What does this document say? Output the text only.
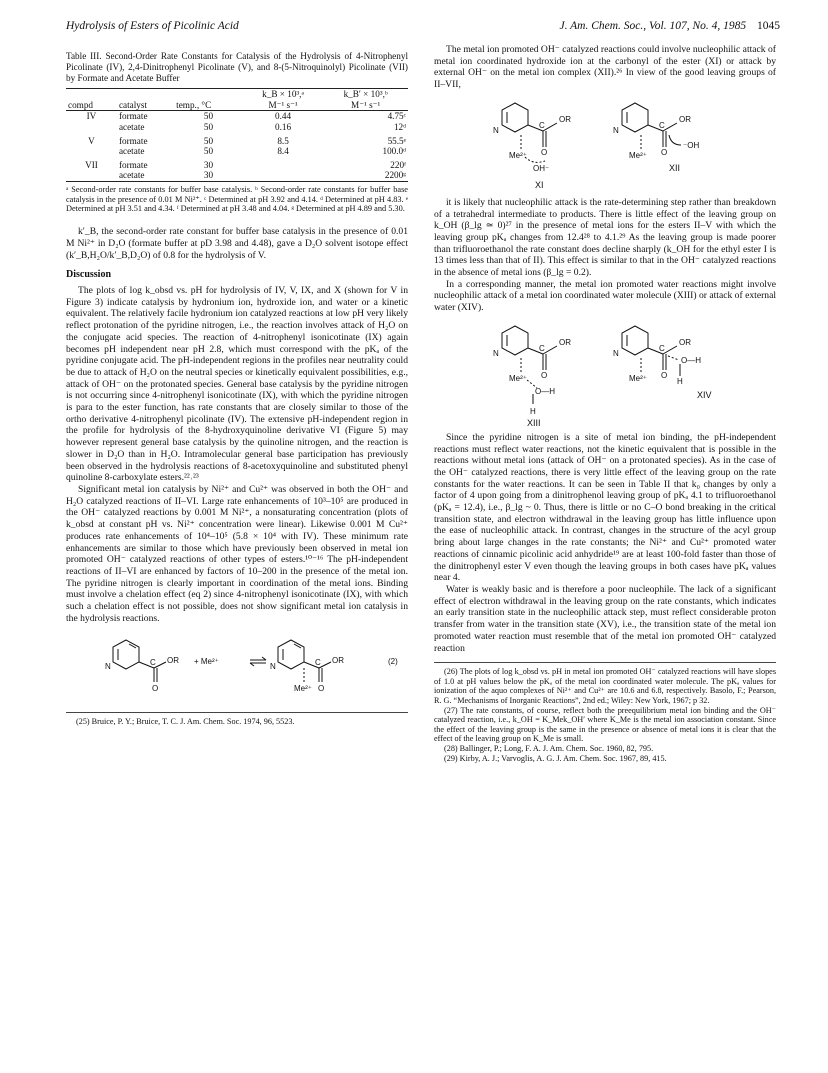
Hydrolysis of Esters of Picolinic Acid	J. Am. Chem. Soc., Vol. 107, No. 4, 1985 1045

Table III. Second-Order Rate Constants for Catalysis of the Hydrolysis of 4-Nitrophenyl Picolinate (IV), 2,4-Dinitrophenyl Picolinate (V), and 8-(5-Nitroquinolyl) Picolinate (VII) by Formate and Acetate Buffer

			k_B × 10³,ᵃ	k_B′ × 10³,ᵇ
compd	catalyst	temp., °C	M⁻¹ s⁻¹	M⁻¹ s⁻¹
IV	formate	50	0.44	4.75ᶜ
	acetate	50	0.16	12ᵈ
V	formate	50	8.5	55.5ᵉ
	acetate	50	8.4	100.0ᵈ
VII	formate	30		220ᶠ
	acetate	30		2200ᵍ
ᵃ Second-order rate constants for buffer base catalysis. ᵇ Second-order rate constants for buffer base catalysis in the presence of 0.01 M Ni²⁺. ᶜ Determined at pH 3.92 and 4.14. ᵈ Determined at pH 4.83. ᵉ Determined at pH 3.51 and 4.34. ᶠ Determined at pH 3.48 and 4.04. ᵍ Determined at pH 4.89 and 5.30.

k′_B, the second-order rate constant for buffer base catalysis in the presence of 0.01 M Ni²⁺ in D₂O (formate buffer at pD 3.98 and 4.48), gave a D₂O solvent isotope effect (k′_B,H₂O/k′_B,D₂O) of 0.8 for the hydrolysis of V.

Discussion

The plots of log k_obsd vs. pH for hydrolysis of IV, V, IX, and X (shown for V in Figure 3) indicate catalysis by hydronium ion, hydroxide ion, and water or a kinetic equivalent. The relatively facile hydronium ion catalyzed reactions at low pH very likely reflect protonation of the pyridine nitrogen, i.e., the reaction involves attack of H₂O on the conjugate acid species. The reaction of 4-nitrophenyl isonicotinate (IX) again becomes pH independent near pH 2.8, which must correspond with the pKₐ of the pyridine conjugate acid. The pH-independent regions in the profiles near neutrality could be due to attack of H₂O on the neutral species or kinetically equivalent possibilities, e.g., attack of OH⁻ on the protonated species. General base catalysis by the pyridine nitrogen is not occurring since 4-nitrophenyl isonicotinate (IX), with which the pyridine nitrogen is para to the ester function, has rate constants that are closely similar to those of the ortho derivative 4-nitrophenyl picolinate (IV). The extensive pH-independent region in the profile for hydrolysis of the 8-hydroxyquinoline derivative VI (Figure 5) may however represent general base catalysis by the quinoline nitrogen, and the reaction is slower in D₂O than in H₂O. Intramolecular general base participation has previously been observed in the hydrolysis reactions of 8-acetoxyquinoline and substituted phenyl quinoline 8-carboxylate esters.²²˒²³

Significant metal ion catalysis by Ni²⁺ and Cu²⁺ was observed in both the OH⁻ and H₂O catalyzed reactions of II–VI. Large rate enhancements of 10³–10⁵ are produced in the OH⁻ catalyzed reactions by 0.001 M Ni²⁺, a nonsaturating concentration (plots of k_obsd at constant pH vs. Ni²⁺ concentration were linear). Likewise 0.001 M Cu²⁺ produces rate enhancements of 10⁴–10⁵ (5.8 × 10⁴ with IV). These minimum rate enhancements are similar to those which have previously been observed in metal ion promoted OH⁻ catalyzed reactions of other types of esters.¹⁰⁻¹⁶ The pH-independent reactions of II–VI are enhanced by factors of 10–200 in the presence of the metal ion. The pyridine nitrogen is clearly important in coordination of the metal ions. Binding must involve a chelation effect (eq 2) since 4-nitrophenyl isonicotinate (IX), with which such a chelation effect is not possible, does not show significant metal ion catalysis in the hydrolysis reactions.

N	C OR
O
+ Me²⁺
N	C OR
Me²⁺ O
(2)
(25) Bruice, P. Y.; Bruice, T. C. J. Am. Chem. Soc. 1974, 96, 5523.

The metal ion promoted OH⁻ catalyzed reactions could involve nucleophilic attack of metal ion coordinated hydroxide ion at the carbonyl of the ester (XI) or attack by external OH⁻ on the metal ion complex (XII).²⁶ In view of the good leaving groups of II–VII,

N
C
OR
Me²⁺ O
OH⁻
XI
N
C
OR
Me²⁺ O
⁻OH
XII

it is likely that nucleophilic attack is the rate-determining step rather than breakdown of a tetrahedral intermediate to products. There is little effect of the leaving group on k_OH (β_lg ≃ 0)²⁷ in the presence of metal ions for the esters II–V with which the leaving group pKₐ changes from 12.4²⁸ to 4.1.²⁹ As the leaving group is made poorer than trifluoroethanol the rate constant does decline sharply (k_OH for the ethyl ester I is 13 times less than that of II). This effect is similar to that in the OH⁻ catalyzed reactions in the absence of metal ions (β_lg = 0.2).

In a corresponding manner, the metal ion promoted water reactions might involve nucleophilic attack of a metal ion coordinated water molecule (XIII) or attack of external water (XIV).

N
C
OR
Me²⁺ O
O—H
H
XIII
N
C
OR
O—H
Me²⁺ O
H
XIV

Since the pyridine nitrogen is a site of metal ion binding, the pH-independent reactions must reflect water reactions, not the kinetic equivalent that is possible in the reactions without metal ions (attack of OH⁻ on a protonated species). As in the case of the OH⁻ catalyzed reactions, there is very little effect of the leaving group on the rate constants for the water reactions. It can be seen in Table II that k₀ changes by only a factor of 4 upon going from a dinitrophenol leaving group of pKₐ 4.1 to trifluoroethanol (pKₐ = 12.4), i.e., β_lg ~ 0. Thus, there is little or no C–O bond breaking in the critical transition state, and electron withdrawal in the leaving group has little influence upon the ease of nucleophilic attack. In contrast, changes in the structure of the acyl group bring about large changes in the rate constants; the Ni²⁺ and Cu²⁺ promoted water reactions of cinnamic picolinic acid anhydride¹⁹ are at least 100-fold faster than those of the dinitrophenyl ester V even though the leaving groups in both cases have pKₐ values near 4.

Water is weakly basic and is therefore a poor nucleophile. The lack of a significant effect of electron withdrawal in the leaving group on the rate constants, which indicates an early transition state in the nucleophilic attack step, must reflect considerable proton transfer from water in the transition state (XV), i.e., the transition state of the metal ion promoted water reaction must resemble that of the metal ion promoted OH⁻ catalyzed reaction

(26) The plots of log k_obsd vs. pH in metal ion promoted OH⁻ catalyzed reactions will have slopes of 1.0 at pH values below the pKₐ of the metal ion coordinated water molecule. The pKₐ values for ionization of the aquo complexes of Ni²⁺ and Cu²⁺ are 10.6 and 6.8, respectively. Basolo, F.; Pearson, R. G. “Mechanisms of Inorganic Reactions”, 2nd ed.; Wiley: New York, 1967; p 32.
(27) The rate constants, of course, reflect both the preequilibrium metal ion binding and the OH⁻ catalyzed reaction, i.e., k_OH = K_Mek_OH′ where K_Me is the metal ion association constant. Since the effect of the leaving group is the same in the presence or absence of metal ions it is clear that the effect of the leaving group on K_Me is small.
(28) Ballinger, P.; Long, F. A. J. Am. Chem. Soc. 1960, 82, 795.
(29) Kirby, A. J.; Varvoglis, A. G. J. Am. Chem. Soc. 1967, 89, 415.
